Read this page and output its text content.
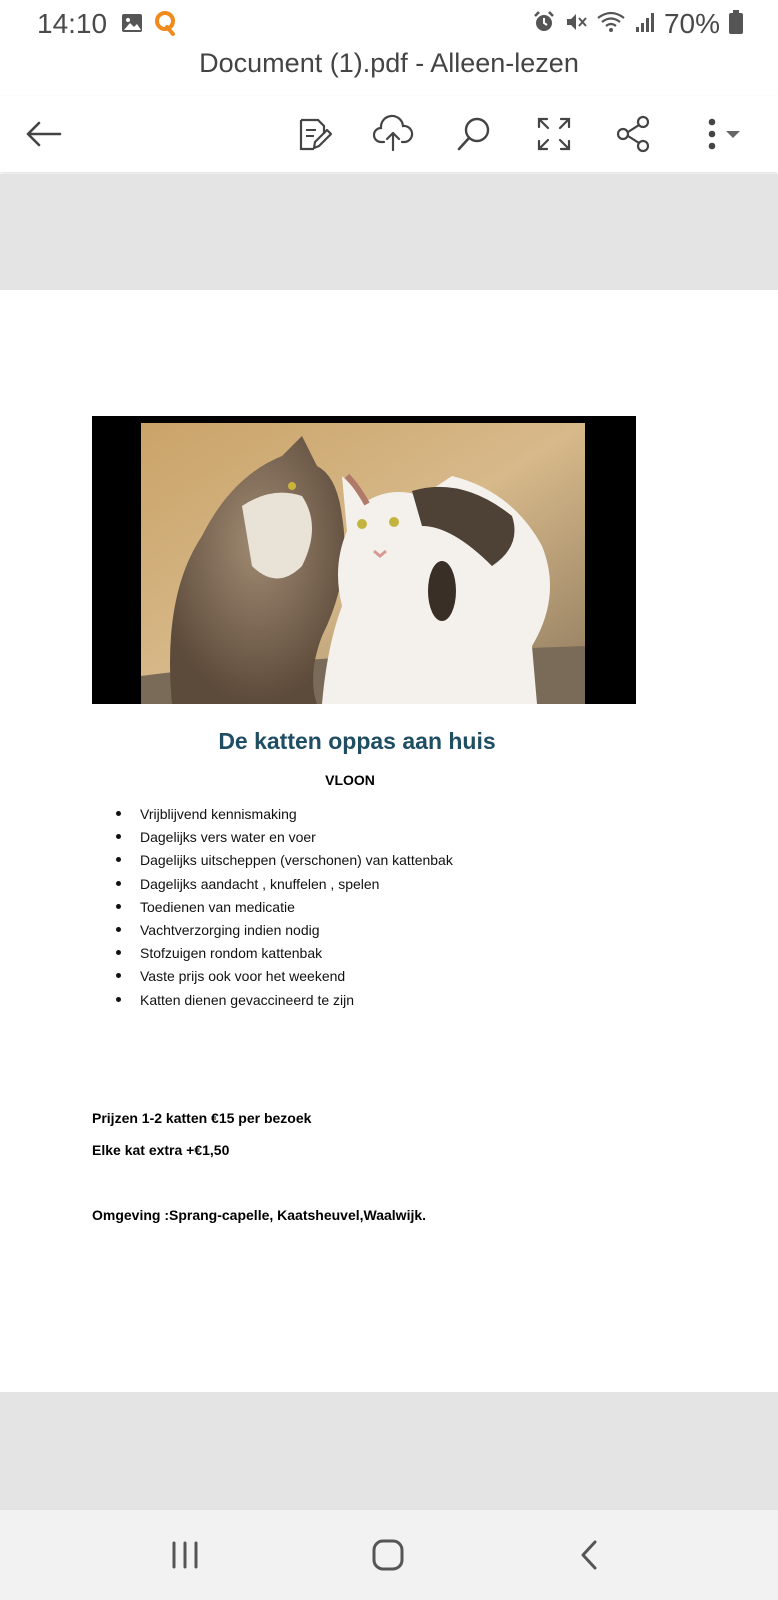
14:10	70%
Document (1).pdf - Alleen-lezen
De katten oppas aan huis
VLOON
Vrijblijvend kennismaking
Dagelijks vers water en voer
Dagelijks uitscheppen (verschonen) van kattenbak
Dagelijks aandacht , knuffelen , spelen
Toedienen van medicatie
Vachtverzorging indien nodig
Stofzuigen rondom kattenbak
Vaste prijs ook voor het weekend
Katten dienen gevaccineerd te zijn
Prijzen 1-2 katten €15 per bezoek
Elke kat extra +€1,50
Omgeving :Sprang-capelle, Kaatsheuvel,Waalwijk.
